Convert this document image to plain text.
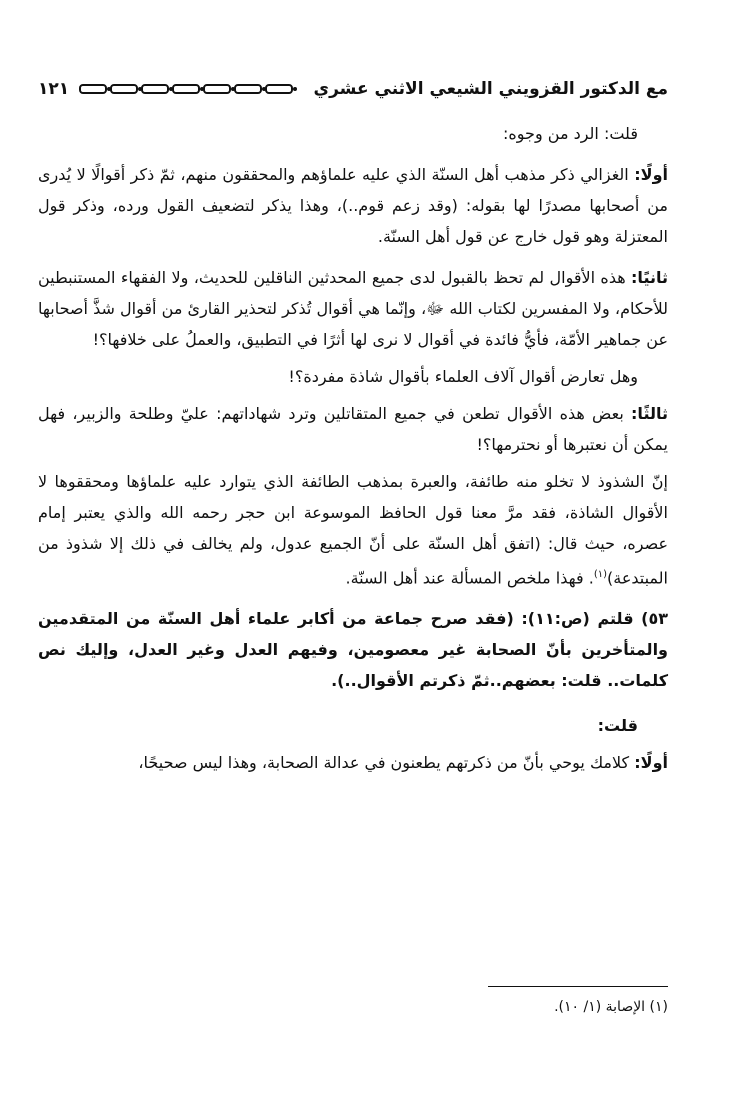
مع الدكتور القزويني الشيعي الاثني عشري
١٢١

قلت: الرد من وجوه:

أولًا: الغزالي ذكر مذهب أهل السنّة الذي عليه علماؤهم والمحققون منهم، ثمّ ذكر أقوالًا لا يُدرى من أصحابها مصدرًا لها بقوله: (وقد زعم قوم..)، وهذا يذكر لتضعيف القول ورده، وذكر قول المعتزلة وهو قول خارج عن قول أهل السنّة.

ثانيًا: هذه الأقوال لم تحظ بالقبول لدى جميع المحدثين الناقلين للحديث، ولا الفقهاء المستنبطين للأحكام، ولا المفسرين لكتاب الله ﷻ، وإنّما هي أقوال تُذكر لتحذير القارئ من أقوال شذَّ أصحابها عن جماهير الأمّة، فأيُّ فائدة في أقوال لا نرى لها أثرًا في التطبيق، والعملُ على خلافها؟!

وهل تعارض أقوال آلاف العلماء بأقوال شاذة مفردة؟!

ثالثًا: بعض هذه الأقوال تطعن في جميع المتقاتلين وترد شهاداتهم: عليّ وطلحة والزبير، فهل يمكن أن نعتبرها أو نحترمها؟!

إنّ الشذوذ لا تخلو منه طائفة، والعبرة بمذهب الطائفة الذي يتوارد عليه علماؤها ومحققوها لا الأقوال الشاذة، فقد مرَّ معنا قول الحافظ الموسوعة ابن حجر رحمه الله والذي يعتبر إمام عصره، حيث قال: (اتفق أهل السنّة على أنّ الجميع عدول، ولم يخالف في ذلك إلا شذوذ من المبتدعة)$^{(١)}$. فهذا ملخص المسألة عند أهل السنّة.

٥٣) قلتم (ص:١١): (فقد صرح جماعة من أكابر علماء أهل السنّة من المتقدمين والمتأخرين بأنّ الصحابة غير معصومين، وفيهم العدل وغير العدل، وإليك نص كلمات.. قلت: بعضهم..ثمّ ذكرتم الأقوال..).

قلت:

أولًا: كلامك يوحي بأنّ من ذكرتهم يطعنون في عدالة الصحابة، وهذا ليس صحيحًا،

(١) الإصابة (١/ ١٠).
